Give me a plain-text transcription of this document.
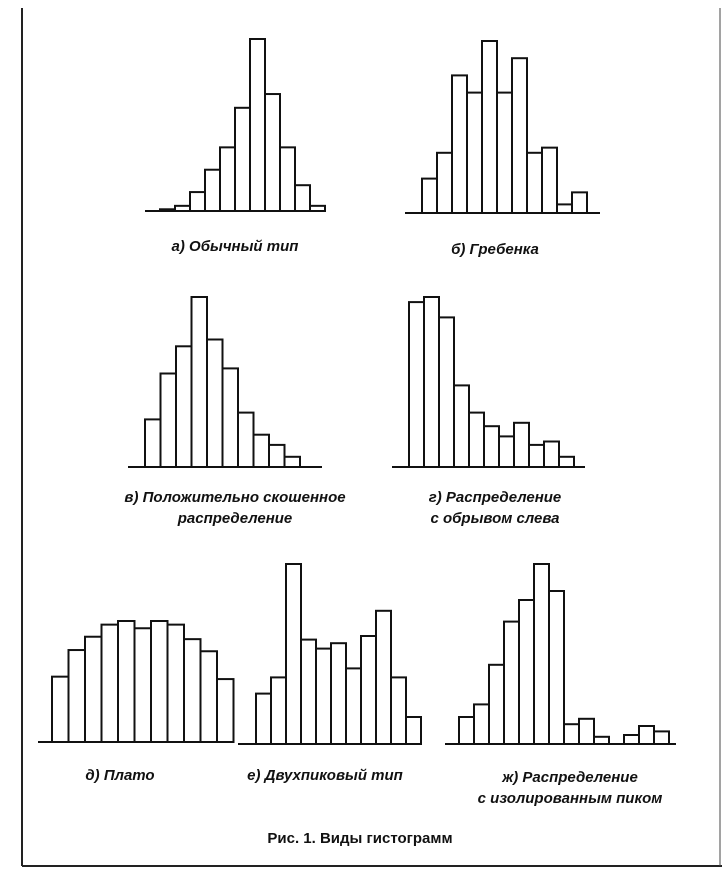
а) Обычный тип	б) Гребенка
в) Положительно скошенное
распределение
г) Распределение
с обрывом слева
д) Плато	е) Двухпиковый тип	ж) Распределение
с изолированным пиком
Рис. 1. Виды гистограмм
